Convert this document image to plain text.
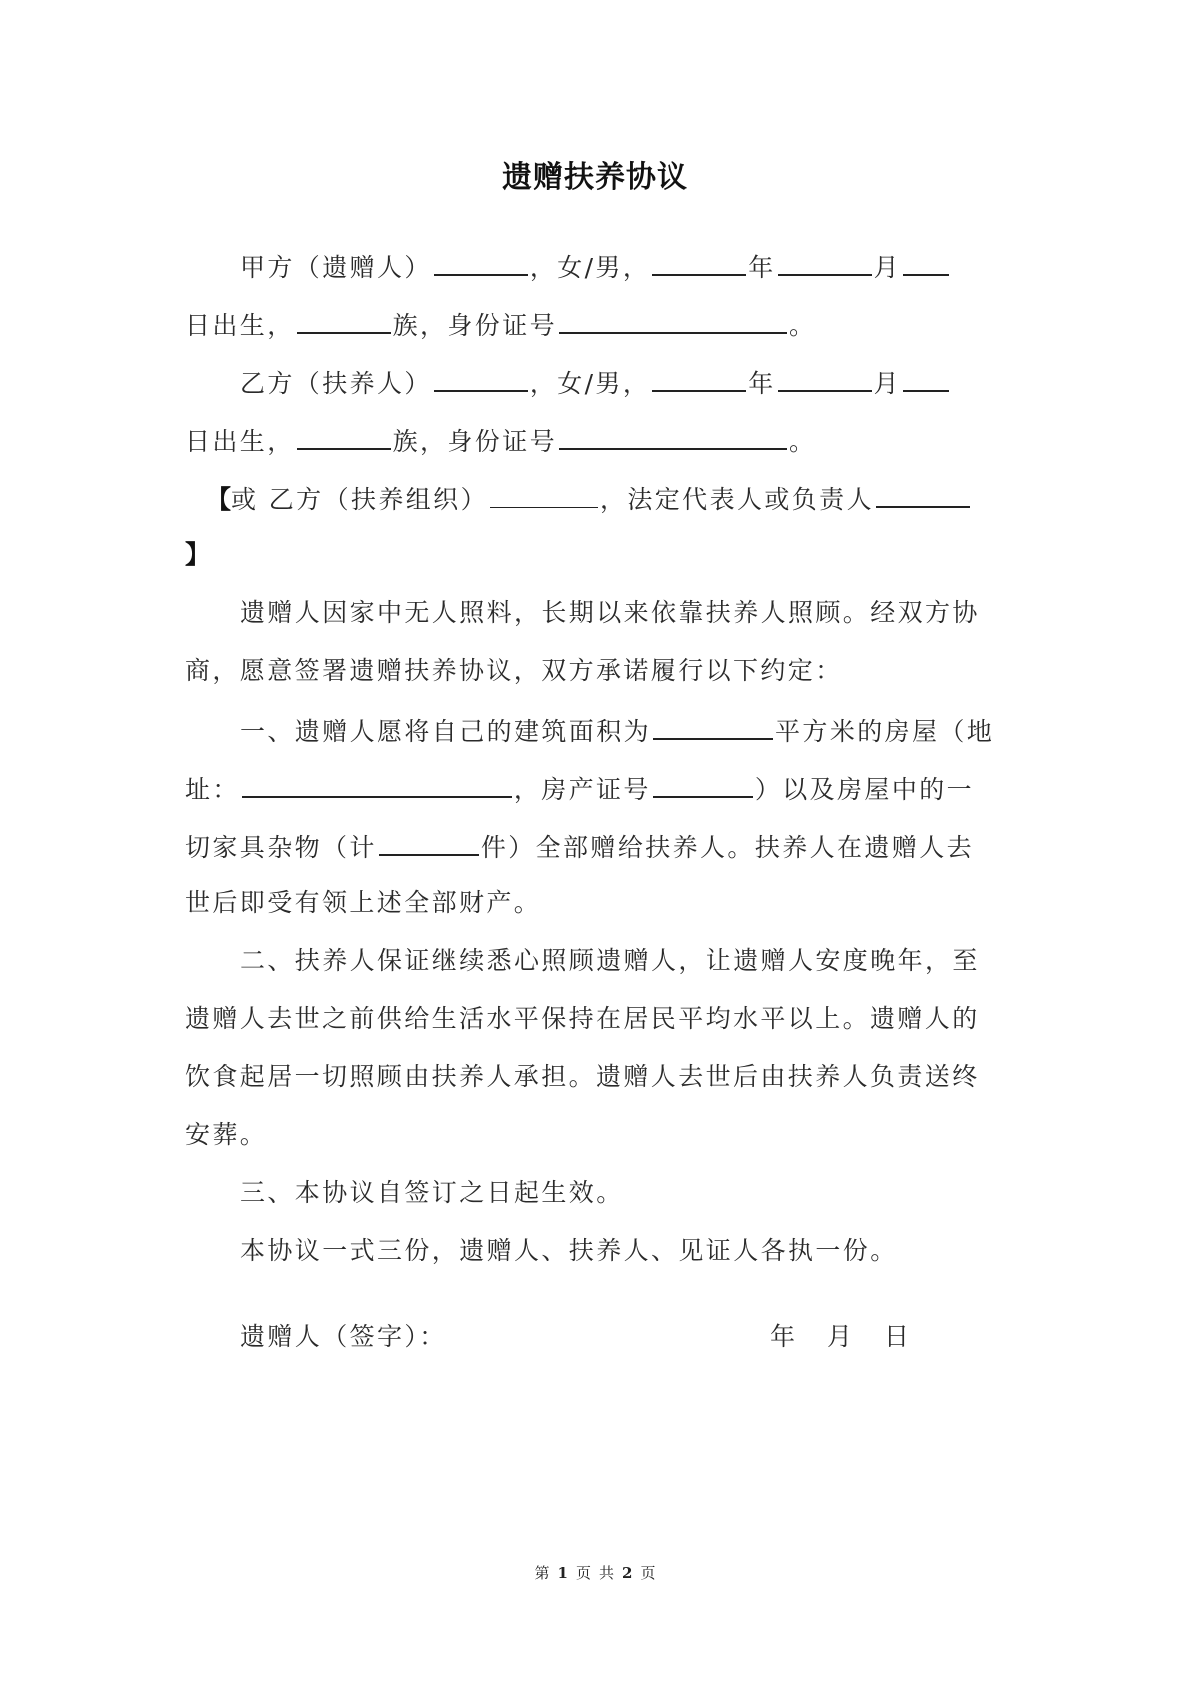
遗赠扶养协议
甲方（遗赠人）	，女/男，	年	月
日出生，	族，身份证号	。
乙方（扶养人）	，女/男，	年	月
日出生，	族，身份证号	。
【或 乙方（扶养组织）	，法定代表人或负责人
】
遗赠人因家中无人照料，长期以来依靠扶养人照顾。经双方协
商，愿意签署遗赠扶养协议，双方承诺履行以下约定：
一、遗赠人愿将自己的建筑面积为	平方米的房屋（地
址：	，房产证号	）以及房屋中的一
切家具杂物（计	件）全部赠给扶养人。扶养人在遗赠人去
世后即受有领上述全部财产。
二、扶养人保证继续悉心照顾遗赠人，让遗赠人安度晚年，至
遗赠人去世之前供给生活水平保持在居民平均水平以上。遗赠人的
饮食起居一切照顾由扶养人承担。遗赠人去世后由扶养人负责送终
安葬。
三、本协议自签订之日起生效。
本协议一式三份，遗赠人、扶养人、见证人各执一份。
遗赠人（签字）：	年 月 日
第 1 页 共 2 页
